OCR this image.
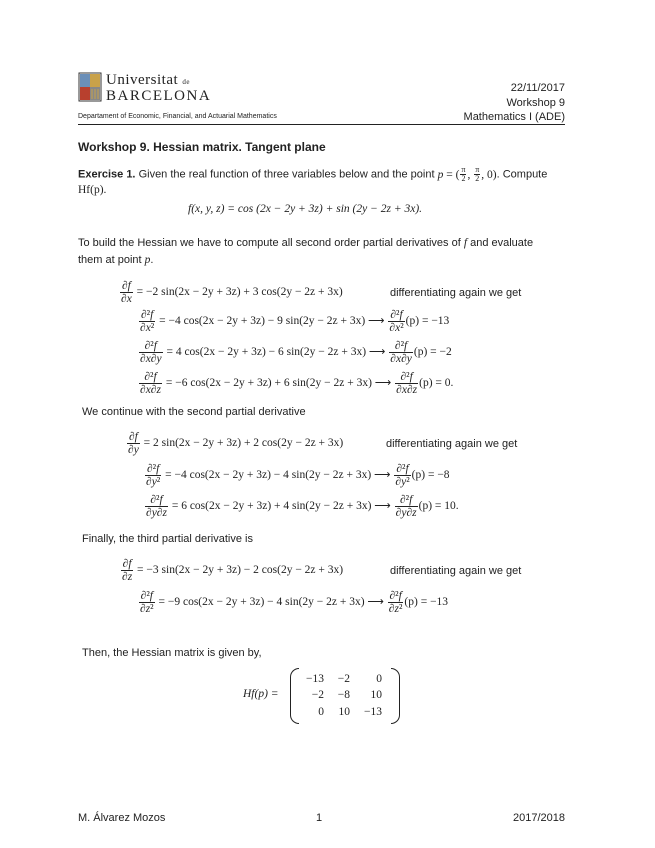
Universitat de
BARCELONA
Departament of Economic, Financial, and Actuarial Mathematics
22/11/2017
Workshop 9
Mathematics I (ADE)
Workshop 9. Hessian matrix. Tangent plane
Exercise 1. Given the real function of three variables below and the point p = ( $\frac{\pi}{2}$ , $\frac{\pi}{2}$ , 0). Compute
Hf(p).
f(x, y, z) = cos (2x − 2y + 3z) + sin (2y − 2z + 3x).
To build the Hessian we have to compute all second order partial derivatives of f and evaluate
them at point p.
$\frac{\partial f}{\partial x} = -2$ sin(2x − 2y + 3z) + 3 cos(2y − 2z + 3x)	differentiating again we get
$\frac{\text{∂²f}}{\text{∂x²}} = -4$ cos(2x − 2y + 3z) − 9 sin(2y − 2z + 3x) ⟶ $\frac{\text{∂²f}}{\text{∂x²}} (p) = -13$
$\frac{\text{∂²f}}{\partial x\partial y} = 4$ cos(2x − 2y + 3z) − 6 sin(2y − 2z + 3x) ⟶ $\frac{\text{∂²f}}{\partial x\partial y} (p) = -2$
$\frac{\text{∂²f}}{\partial x\partial z} = -6$ cos(2x − 2y + 3z) + 6 sin(2y − 2z + 3x) ⟶ $\frac{\text{∂²f}}{\partial x\partial z} (p) = 0$.
We continue with the second partial derivative
$\frac{\partial f}{\partial y} = 2$ sin(2x − 2y + 3z) + 2 cos(2y − 2z + 3x)	differentiating again we get
$\frac{\text{∂²f}}{\text{∂y²}} = -4$ cos(2x − 2y + 3z) − 4 sin(2y − 2z + 3x) ⟶ $\frac{\text{∂²f}}{\text{∂y²}} (p) = -8$
$\frac{\text{∂²f}}{\partial y\partial z} = 6$ cos(2x − 2y + 3z) + 4 sin(2y − 2z + 3x) ⟶ $\frac{\text{∂²f}}{\partial y\partial z} (p) = 10$.
Finally, the third partial derivative is
$\frac{\partial f}{\partial z} = -3$ sin(2x − 2y + 3z) − 2 cos(2y − 2z + 3x)	differentiating again we get
$\frac{\text{∂²f}}{\text{∂z²}} = -9$ cos(2x − 2y + 3z) − 4 sin(2y − 2z + 3x) ⟶ $\frac{\text{∂²f}}{\text{∂z²}} (p) = -13$
Then, the Hessian matrix is given by,
Hf(p) =
−13	−2	0
−2	−8	10
0	10	−13
M. Álvarez Mozos	1	2017/2018
